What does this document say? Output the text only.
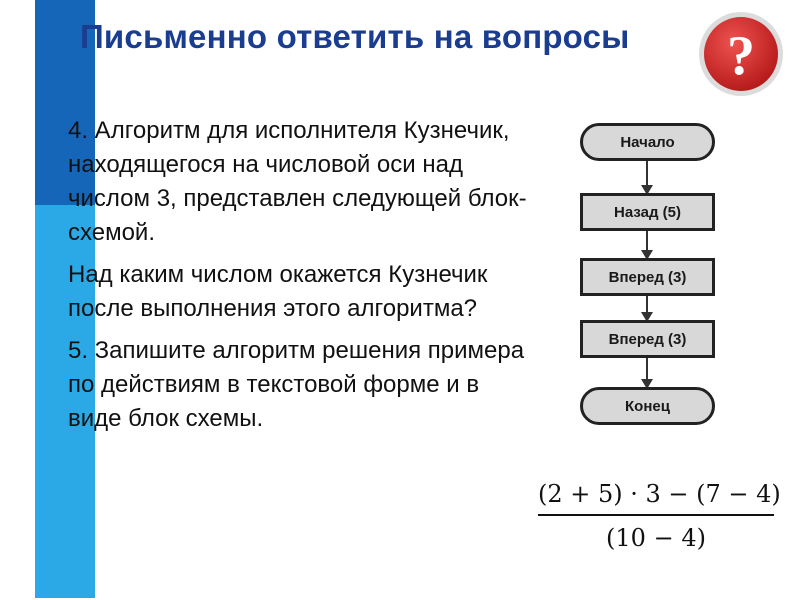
Письменно ответить на вопросы	?

4. Алгоритм для исполнителя Кузнечик, находящегося на числовой оси над числом 3, представлен следующей блок-схемой.

Над каким числом окажется Кузнечик после выполнения этого алгоритма?

5. Запишите алгоритм решения примера по действиям в текстовой форме и в виде блок схемы.

Начало
Назад (5)
Вперед (3)
Вперед (3)
Конец
(2 + 5) · 3 − (7 − 4)
(10 − 4)
